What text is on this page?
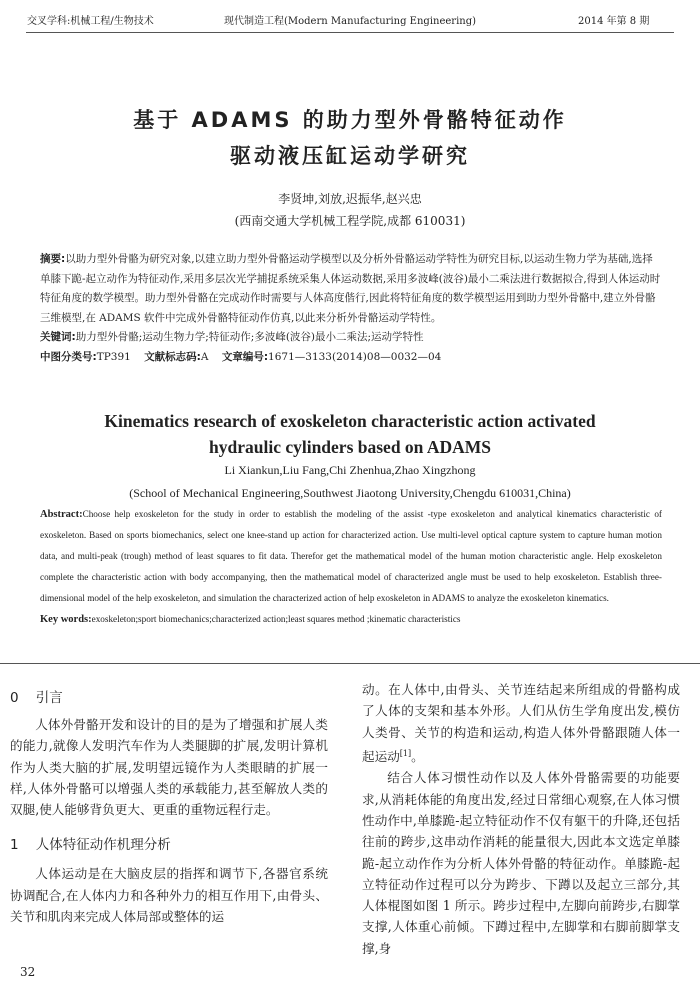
交叉学科:机械工程/生物技术	现代制造工程(Modern Manufacturing Engineering)	2014 年第 8 期
基于 ADAMS 的助力型外骨骼特征动作
驱动液压缸运动学研究
李贤坤,刘放,迟振华,赵兴忠
(西南交通大学机械工程学院,成都 610031)
摘要:以助力型外骨骼为研究对象,以建立助力型外骨骼运动学模型以及分析外骨骼运动学特性为研究目标,以运动生物力学为基础,选择单膝下跪-起立动作为特征动作,采用多层次光学捕捉系统采集人体运动数据,采用多波峰(波谷)最小二乘法进行数据拟合,得到人体运动时特征角度的数学模型。助力型外骨骼在完成动作时需要与人体高度偕行,因此将特征角度的数学模型运用到助力型外骨骼中,建立外骨骼三维模型,在 ADAMS 软件中完成外骨骼特征动作仿真,以此来分析外骨骼运动学特性。
关键词:助力型外骨骼;运动生物力学;特征动作;多波峰(波谷)最小二乘法;运动学特性
中图分类号:TP391 文献标志码:A 文章编号:1671—3133(2014)08—0032—04
Kinematics research of exoskeleton characteristic action activated
hydraulic cylinders based on ADAMS
Li Xiankun,Liu Fang,Chi Zhenhua,Zhao Xingzhong
(School of Mechanical Engineering,Southwest Jiaotong University,Chengdu 610031,China)
Abstract:Choose help exoskeleton for the study in order to establish the modeling of the assist -type exoskeleton and analytical kinematics characteristic of exoskeleton. Based on sports biomechanics, select one knee-stand up action for characterized action. Use multi-level optical capture system to capture human motion data, and multi-peak (trough) method of least squares to fit data. Therefor get the mathematical model of the human motion characteristic angle. Help exoskeleton complete the characteristic action with body accompanying, then the mathematical model of characterized angle must be used to help exoskeleton. Establish three-dimensional model of the help exoskeleton, and simulation the characterized action of help exoskeleton in ADAMS to analyze the exoskeleton kinematics.
Key words:exoskeleton;sport biomechanics;characterized action;least squares method ;kinematic characteristics
0 引言

人体外骨骼开发和设计的目的是为了增强和扩展人类的能力,就像人发明汽车作为人类腿脚的扩展,发明计算机作为人类大脑的扩展,发明望远镜作为人类眼睛的扩展一样,人体外骨骼可以增强人类的承载能力,甚至解放人类的双腿,使人能够背负更大、更重的重物远程行走。

1 人体特征动作机理分析

人体运动是在大脑皮层的指挥和调节下,各器官系统协调配合,在人体内力和各种外力的相互作用下,由骨头、关节和肌肉来完成人体局部或整体的运

动。在人体中,由骨头、关节连结起来所组成的骨骼构成了人体的支架和基本外形。人们从仿生学角度出发,模仿人类骨、关节的构造和运动,构造人体外骨骼跟随人体一起运动[1]。

结合人体习惯性动作以及人体外骨骼需要的功能要求,从消耗体能的角度出发,经过日常细心观察,在人体习惯性动作中,单膝跪-起立特征动作不仅有躯干的升降,还包括往前的跨步,这串动作消耗的能量很大,因此本文选定单膝跪-起立动作作为分析人体外骨骼的特征动作。单膝跪-起立特征动作过程可以分为跨步、下蹲以及起立三部分,其人体棍图如图 1 所示。跨步过程中,左脚向前跨步,右脚掌支撑,人体重心前倾。下蹲过程中,左脚掌和右脚前脚掌支撑,身

32
